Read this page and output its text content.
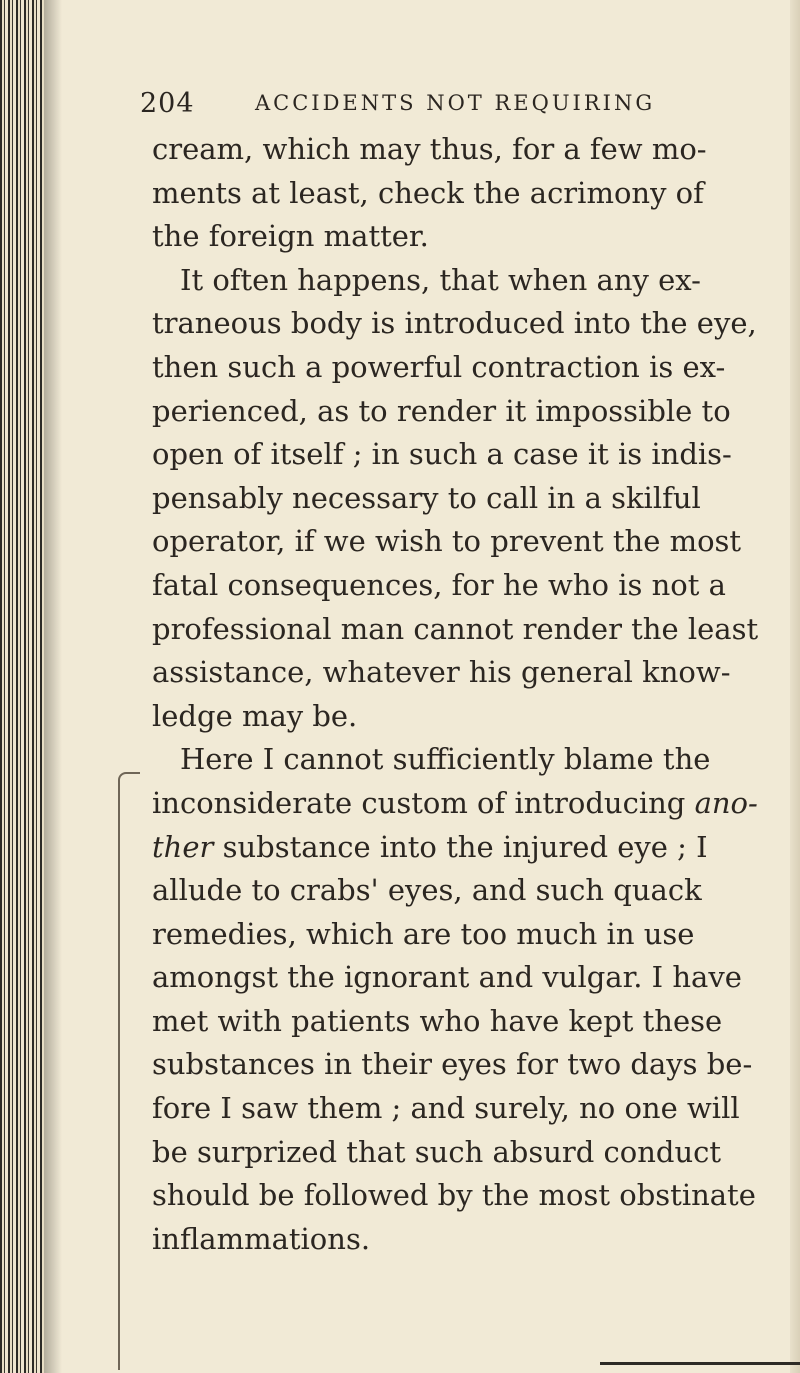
204	ACCIDENTS NOT REQUIRING
cream, which may thus, for a few mo-
ments at least, check the acrimony of
the foreign matter.
It often happens, that when any ex-
traneous body is introduced into the eye,
then such a powerful contraction is ex-
perienced, as to render it impossible to
open of itself ; in such a case it is indis-
pensably necessary to call in a skilful
operator, if we wish to prevent the most
fatal consequences, for he who is not a
professional man cannot render the least
assistance, whatever his general know-
ledge may be.
Here I cannot sufficiently blame the
inconsiderate custom of introducing ano-
ther substance into the injured eye ; I
allude to crabs' eyes, and such quack
remedies, which are too much in use
amongst the ignorant and vulgar. I have
met with patients who have kept these
substances in their eyes for two days be-
fore I saw them ; and surely, no one will
be surprized that such absurd conduct
should be followed by the most obstinate
inflammations.
